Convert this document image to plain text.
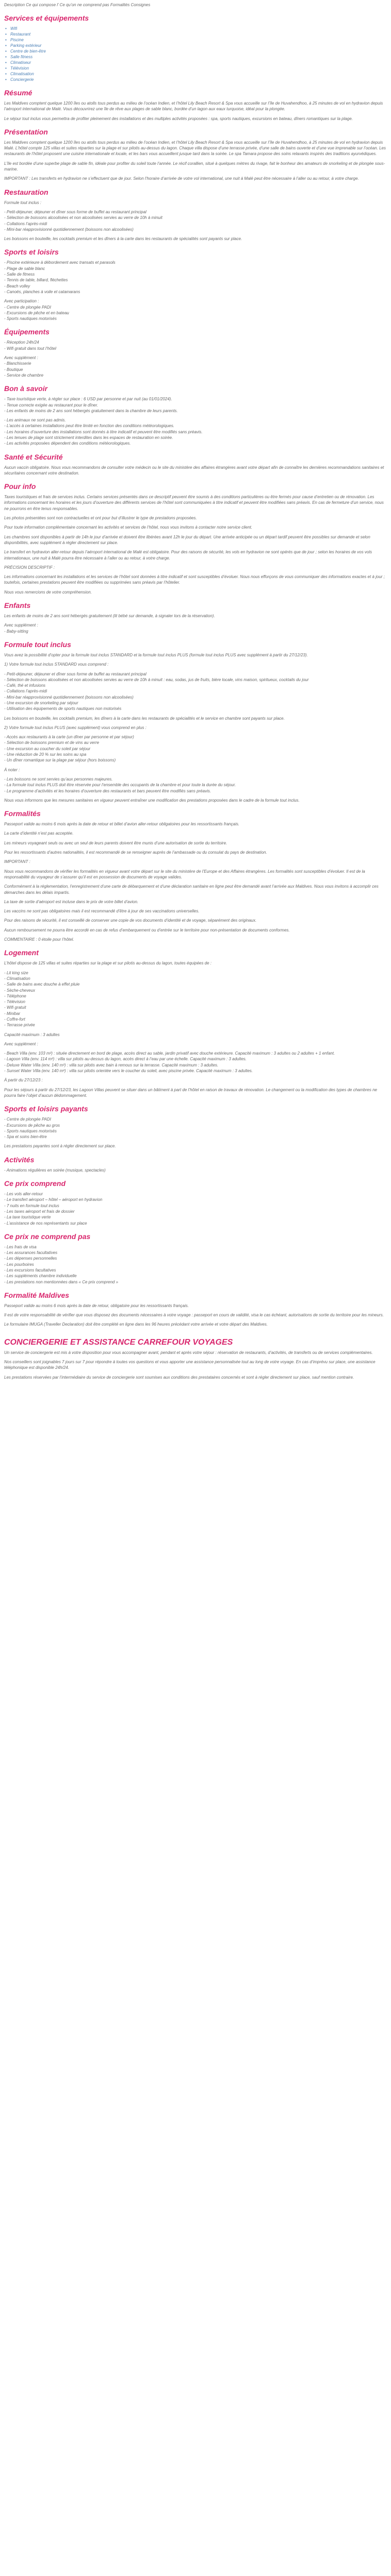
Description Ce qui compose l’ Ce qu’on ne comprend pas Formalités Consignes
Services et équipements
• Wifi
• Restaurant
• Piscine
• Parking extérieur
• Centre de bien-être
• Salle fitness
• Climatiseur
• Télévision
• Climatisation
• Conciergerie
Résumé
Les Maldives comptent quelque 1200 îles ou atolls tous perdus au milieu de l’océan Indien, et l’hôtel Lily Beach Resort & Spa vous accueille sur l’île de Huvahendhoo, à 25 minutes de vol en hydravion depuis l’aéroport international de Malé. Vous découvrirez une île de rêve aux plages de sable blanc, bordée d’un lagon aux eaux turquoise, idéal pour la plongée.
Le séjour tout inclus vous permettra de profiter pleinement des installations et des multiples activités proposées : spa, sports nautiques, excursions en bateau, dîners romantiques sur la plage.
Présentation
Les Maldives comptent quelque 1200 îles ou atolls tous perdus au milieu de l’océan Indien, et l’hôtel Lily Beach Resort & Spa vous accueille sur l’île de Huvahendhoo, à 25 minutes de vol en hydravion depuis Malé. L’hôtel compte 125 villas et suites réparties sur la plage et sur pilotis au-dessus du lagon. Chaque villa dispose d’une terrasse privée, d’une salle de bains ouverte et d’une vue imprenable sur l’océan. Les restaurants de l’hôtel proposent une cuisine internationale et locale, et les bars vous accueillent jusque tard dans la soirée. Le spa Tamara propose des soins relaxants inspirés des traditions ayurvédiques.
L’île est bordée d’une superbe plage de sable fin, idéale pour profiter du soleil toute l’année. Le récif corallien, situé à quelques mètres du rivage, fait le bonheur des amateurs de snorkeling et de plongée sous-marine.
IMPORTANT : Les transferts en hydravion ne s’effectuent que de jour. Selon l’horaire d’arrivée de votre vol international, une nuit à Malé peut être nécessaire à l’aller ou au retour, à votre charge.
Restauration
Formule tout inclus :
- Petit-déjeuner, déjeuner et dîner sous forme de buffet au restaurant principal
- Sélection de boissons alcoolisées et non alcoolisées servies au verre de 10h à minuit
- Collations l’après-midi
- Mini-bar réapprovisionné quotidiennement (boissons non alcoolisées)
Les boissons en bouteille, les cocktails premium et les dîners à la carte dans les restaurants de spécialités sont payants sur place.
Sports et loisirs
- Piscine extérieure à débordement avec transats et parasols
- Plage de sable blanc
- Salle de fitness
- Tennis de table, billard, fléchettes
- Beach volley
- Canoës, planches à voile et catamarans
Avec participation :
- Centre de plongée PADI
- Excursions de pêche et en bateau
- Sports nautiques motorisés
Équipements
- Réception 24h/24
- Wifi gratuit dans tout l’hôtel
Avec supplément :
- Blanchisserie
- Boutique
- Service de chambre
Bon à savoir
- Taxe touristique verte, à régler sur place : 6 USD par personne et par nuit (au 01/01/2024).
- Tenue correcte exigée au restaurant pour le dîner.
- Les enfants de moins de 2 ans sont hébergés gratuitement dans la chambre de leurs parents.
- Les animaux ne sont pas admis.
- L’accès à certaines installations peut être limité en fonction des conditions météorologiques.
- Les horaires d’ouverture des installations sont donnés à titre indicatif et peuvent être modifiés sans préavis.
- Les tenues de plage sont strictement interdites dans les espaces de restauration en soirée.
- Les activités proposées dépendent des conditions météorologiques.
Santé et Sécurité
Aucun vaccin obligatoire. Nous vous recommandons de consulter votre médecin ou le site du ministère des affaires étrangères avant votre départ afin de connaître les dernières recommandations sanitaires et sécuritaires concernant votre destination.
Pour info
Taxes touristiques et frais de services inclus. Certains services présentés dans ce descriptif peuvent être soumis à des conditions particulières ou être fermés pour cause d’entretien ou de rénovation. Les informations concernant les horaires et les jours d’ouverture des différents services de l’hôtel sont communiquées à titre indicatif et peuvent être modifiées sans préavis. En cas de fermeture d’un service, nous ne pourrons en être tenus responsables.
Les photos présentées sont non contractuelles et ont pour but d’illustrer le type de prestations proposées.
Pour toute information complémentaire concernant les activités et services de l’hôtel, nous vous invitons à contacter notre service client.
Les chambres sont disponibles à partir de 14h le jour d’arrivée et doivent être libérées avant 12h le jour du départ. Une arrivée anticipée ou un départ tardif peuvent être possibles sur demande et selon disponibilités, avec supplément à régler directement sur place.
Le transfert en hydravion aller-retour depuis l’aéroport international de Malé est obligatoire. Pour des raisons de sécurité, les vols en hydravion ne sont opérés que de jour ; selon les horaires de vos vols internationaux, une nuit à Malé pourra être nécessaire à l’aller ou au retour, à votre charge.
PRÉCISION DESCRIPTIF :
Les informations concernant les installations et les services de l’hôtel sont données à titre indicatif et sont susceptibles d’évoluer. Nous nous efforçons de vous communiquer des informations exactes et à jour ; toutefois, certaines prestations peuvent être modifiées ou supprimées sans préavis par l’hôtelier.
Nous vous remercions de votre compréhension.
Enfants
Les enfants de moins de 2 ans sont hébergés gratuitement (lit bébé sur demande, à signaler lors de la réservation).
Avec supplément :
- Baby-sitting
Formule tout inclus
Vous avez la possibilité d’opter pour la formule tout inclus STANDARD et la formule tout inclus PLUS (formule tout inclus PLUS avec supplément à partir du 27/12/23).
1) Votre formule tout inclus STANDARD vous comprend :
- Petit-déjeuner, déjeuner et dîner sous forme de buffet au restaurant principal
- Sélection de boissons alcoolisées et non alcoolisées servies au verre de 10h à minuit : eau, sodas, jus de fruits, bière locale, vins maison, spiritueux, cocktails du jour
- Café, thé et infusions
- Collations l’après-midi
- Mini-bar réapprovisionné quotidiennement (boissons non alcoolisées)
- Une excursion de snorkeling par séjour
- Utilisation des équipements de sports nautiques non motorisés
Les boissons en bouteille, les cocktails premium, les dîners à la carte dans les restaurants de spécialités et le service en chambre sont payants sur place.
2) Votre formule tout inclus PLUS (avec supplément) vous comprend en plus :
- Accès aux restaurants à la carte (un dîner par personne et par séjour)
- Sélection de boissons premium et de vins au verre
- Une excursion au coucher du soleil par séjour
- Une réduction de 20 % sur les soins au spa
- Un dîner romantique sur la plage par séjour (hors boissons)
À noter :
- Les boissons ne sont servies qu’aux personnes majeures.
- La formule tout inclus PLUS doit être réservée pour l’ensemble des occupants de la chambre et pour toute la durée du séjour.
- Le programme d’activités et les horaires d’ouverture des restaurants et bars peuvent être modifiés sans préavis.
Nous vous informons que les mesures sanitaires en vigueur peuvent entraîner une modification des prestations proposées dans le cadre de la formule tout inclus.
Formalités
Passeport valide au moins 6 mois après la date de retour et billet d’avion aller-retour obligatoires pour les ressortissants français.
La carte d’identité n’est pas acceptée.
Les mineurs voyageant seuls ou avec un seul de leurs parents doivent être munis d’une autorisation de sortie du territoire.
Pour les ressortissants d’autres nationalités, il est recommandé de se renseigner auprès de l’ambassade ou du consulat du pays de destination.
IMPORTANT :
Nous vous recommandons de vérifier les formalités en vigueur avant votre départ sur le site du ministère de l’Europe et des Affaires étrangères. Les formalités sont susceptibles d’évoluer. Il est de la responsabilité du voyageur de s’assurer qu’il est en possession de documents de voyage valides.
Conformément à la réglementation, l’enregistrement d’une carte de débarquement et d’une déclaration sanitaire en ligne peut être demandé avant l’arrivée aux Maldives. Nous vous invitons à accomplir ces démarches dans les délais impartis.
La taxe de sortie d’aéroport est incluse dans le prix de votre billet d’avion.
Les vaccins ne sont pas obligatoires mais il est recommandé d’être à jour de ses vaccinations universelles.
Pour des raisons de sécurité, il est conseillé de conserver une copie de vos documents d’identité et de voyage, séparément des originaux.
Aucun remboursement ne pourra être accordé en cas de refus d’embarquement ou d’entrée sur le territoire pour non-présentation de documents conformes.
COMMENTAIRE : 0 étoile pour l’hôtel.
Logement
L’hôtel dispose de 125 villas et suites réparties sur la plage et sur pilotis au-dessus du lagon, toutes équipées de :
- Lit king size
- Climatisation
- Salle de bains avec douche à effet pluie
- Sèche-cheveux
- Téléphone
- Télévision
- Wifi gratuit
- Minibar
- Coffre-fort
- Terrasse privée
Capacité maximum : 3 adultes
Avec supplément :
- Beach Villa (env. 103 m²) : située directement en bord de plage, accès direct au sable, jardin privatif avec douche extérieure. Capacité maximum : 3 adultes ou 2 adultes + 1 enfant.
- Lagoon Villa (env. 114 m²) : villa sur pilotis au-dessus du lagon, accès direct à l’eau par une échelle. Capacité maximum : 3 adultes.
- Deluxe Water Villa (env. 140 m²) : villa sur pilotis avec bain à remous sur la terrasse. Capacité maximum : 3 adultes.
- Sunset Water Villa (env. 140 m²) : villa sur pilotis orientée vers le coucher du soleil, avec piscine privée. Capacité maximum : 3 adultes.
À partir du 27/12/23 :
Pour les séjours à partir du 27/12/23, les Lagoon Villas peuvent se situer dans un bâtiment à part de l’hôtel en raison de travaux de rénovation. Le changement ou la modification des types de chambres ne pourra faire l’objet d’aucun dédommagement.
Sports et loisirs payants
- Centre de plongée PADI
- Excursions de pêche au gros
- Sports nautiques motorisés
- Spa et soins bien-être
Les prestations payantes sont à régler directement sur place.
Activités
- Animations régulières en soirée (musique, spectacles)
Ce prix comprend
- Les vols aller-retour
- Le transfert aéroport – hôtel – aéroport en hydravion
- 7 nuits en formule tout inclus
- Les taxes aéroport et frais de dossier
- La taxe touristique verte
- L’assistance de nos représentants sur place
Ce prix ne comprend pas
- Les frais de visa
- Les assurances facultatives
- Les dépenses personnelles
- Les pourboires
- Les excursions facultatives
- Les suppléments chambre individuelle
- Les prestations non mentionnées dans « Ce prix comprend »
Formalité Maldives
Passeport valide au moins 6 mois après la date de retour, obligatoire pour les ressortissants français.
Il est de votre responsabilité de vérifier que vous disposez des documents nécessaires à votre voyage : passeport en cours de validité, visa le cas échéant, autorisations de sortie du territoire pour les mineurs.
Le formulaire IMUGA (Traveller Declaration) doit être complété en ligne dans les 96 heures précédant votre arrivée et votre départ des Maldives.
CONCIERGERIE ET ASSISTANCE CARREFOUR VOYAGES
Un service de conciergerie est mis à votre disposition pour vous accompagner avant, pendant et après votre séjour : réservation de restaurants, d’activités, de transferts ou de services complémentaires.
Nos conseillers sont joignables 7 jours sur 7 pour répondre à toutes vos questions et vous apporter une assistance personnalisée tout au long de votre voyage. En cas d’imprévu sur place, une assistance téléphonique est disponible 24h/24.
Les prestations réservées par l’intermédiaire du service de conciergerie sont soumises aux conditions des prestataires concernés et sont à régler directement sur place, sauf mention contraire.
